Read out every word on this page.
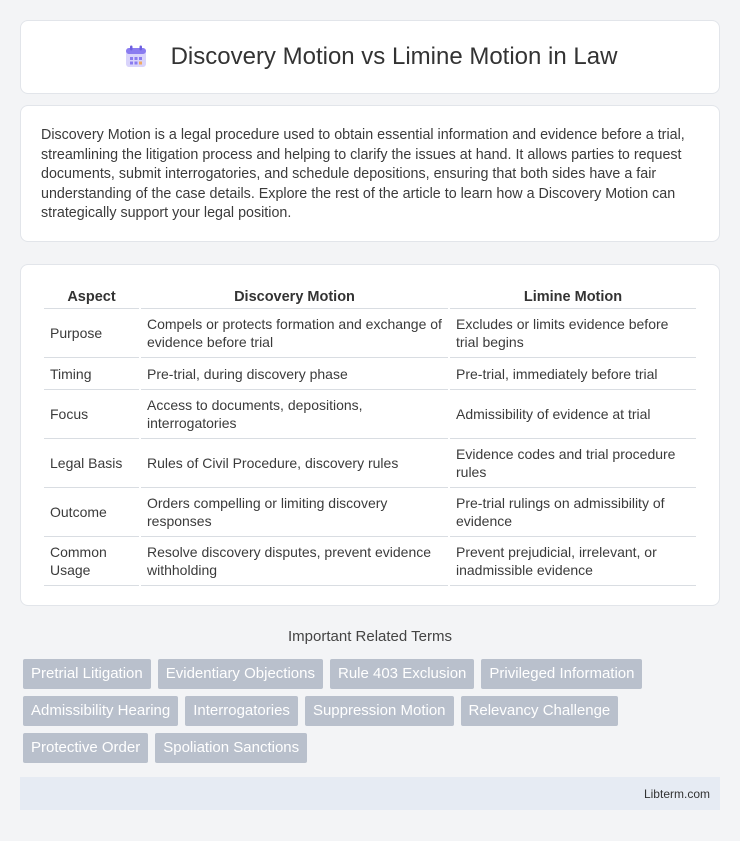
Discovery Motion vs Limine Motion in Law

Discovery Motion is a legal procedure used to obtain essential information and evidence before a trial, streamlining the litigation process and helping to clarify the issues at hand. It allows parties to request documents, submit interrogatories, and schedule depositions, ensuring that both sides have a fair understanding of the case details. Explore the rest of the article to learn how a Discovery Motion can strategically support your legal position.

Aspect	Discovery Motion	Limine Motion
Purpose	Compels or protects formation and exchange of evidence before trial	Excludes or limits evidence before trial begins
Timing	Pre-trial, during discovery phase	Pre-trial, immediately before trial
Focus	Access to documents, depositions, interrogatories	Admissibility of evidence at trial
Legal Basis	Rules of Civil Procedure, discovery rules	Evidence codes and trial procedure rules
Outcome	Orders compelling or limiting discovery responses	Pre-trial rulings on admissibility of evidence
Common Usage	Resolve discovery disputes, prevent evidence withholding	Prevent prejudicial, irrelevant, or inadmissible evidence
Important Related Terms
Pretrial Litigation	Evidentiary Objections	Rule 403 Exclusion	Privileged Information
Admissibility Hearing	Interrogatories	Suppression Motion	Relevancy Challenge
Protective Order	Spoliation Sanctions
Libterm.com
